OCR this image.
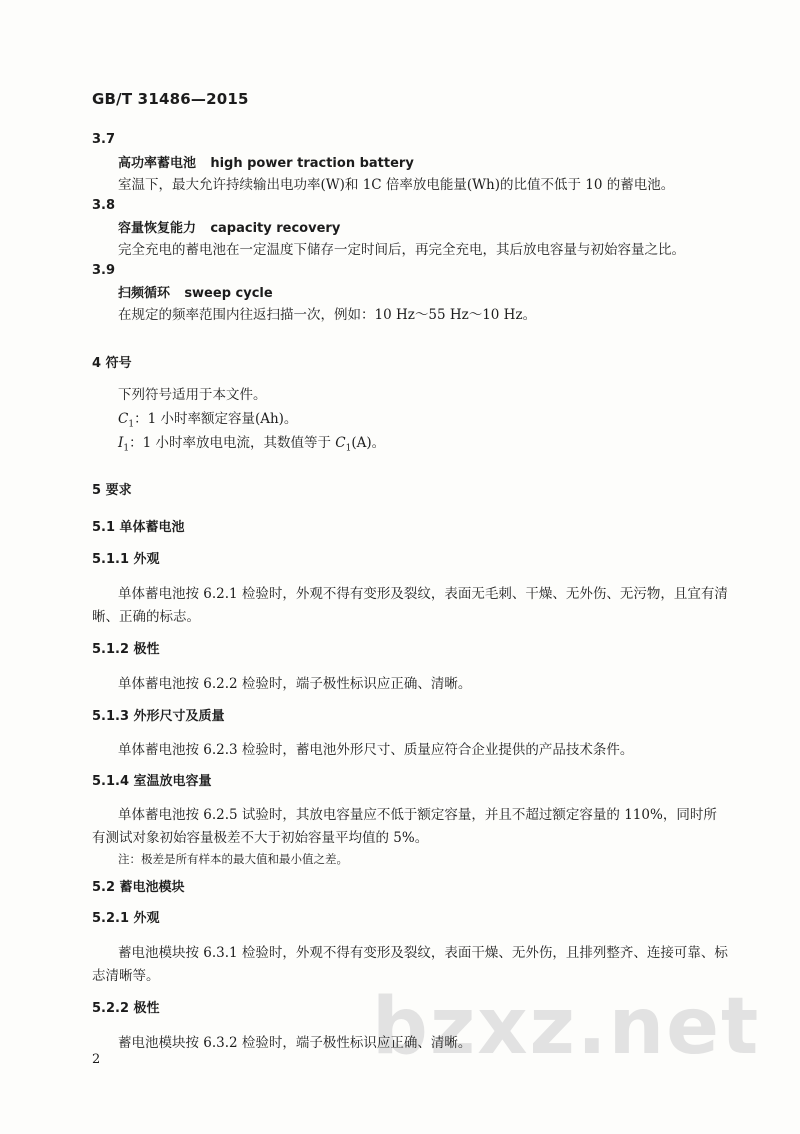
GB/T 31486—2015
3.7
高功率蓄电池 high power traction battery
室温下，最大允许持续输出电功率(W)和 1C 倍率放电能量(Wh)的比值不低于 10 的蓄电池。
3.8
容量恢复能力 capacity recovery
完全充电的蓄电池在一定温度下储存一定时间后，再完全充电，其后放电容量与初始容量之比。
3.9
扫频循环 sweep cycle
在规定的频率范围内往返扫描一次，例如：10 Hz～55 Hz～10 Hz。
4 符号
下列符号适用于本文件。
$C_1$：1 小时率额定容量(Ah)。
$I_1$：1 小时率放电电流，其数值等于 $C_1(A)$。
5 要求
5.1 单体蓄电池
5.1.1 外观
单体蓄电池按 6.2.1 检验时，外观不得有变形及裂纹，表面无毛刺、干燥、无外伤、无污物，且宜有清
晰、正确的标志。
5.1.2 极性
单体蓄电池按 6.2.2 检验时，端子极性标识应正确、清晰。
5.1.3 外形尺寸及质量
单体蓄电池按 6.2.3 检验时，蓄电池外形尺寸、质量应符合企业提供的产品技术条件。
5.1.4 室温放电容量
单体蓄电池按 6.2.5 试验时，其放电容量应不低于额定容量，并且不超过额定容量的 110%，同时所
有测试对象初始容量极差不大于初始容量平均值的 5%。
注：极差是所有样本的最大值和最小值之差。
5.2 蓄电池模块
5.2.1 外观
蓄电池模块按 6.3.1 检验时，外观不得有变形及裂纹，表面干燥、无外伤，且排列整齐、连接可靠、标
志清晰等。
5.2.2 极性	bzxz.net
蓄电池模块按 6.3.2 检验时，端子极性标识应正确、清晰。
2
